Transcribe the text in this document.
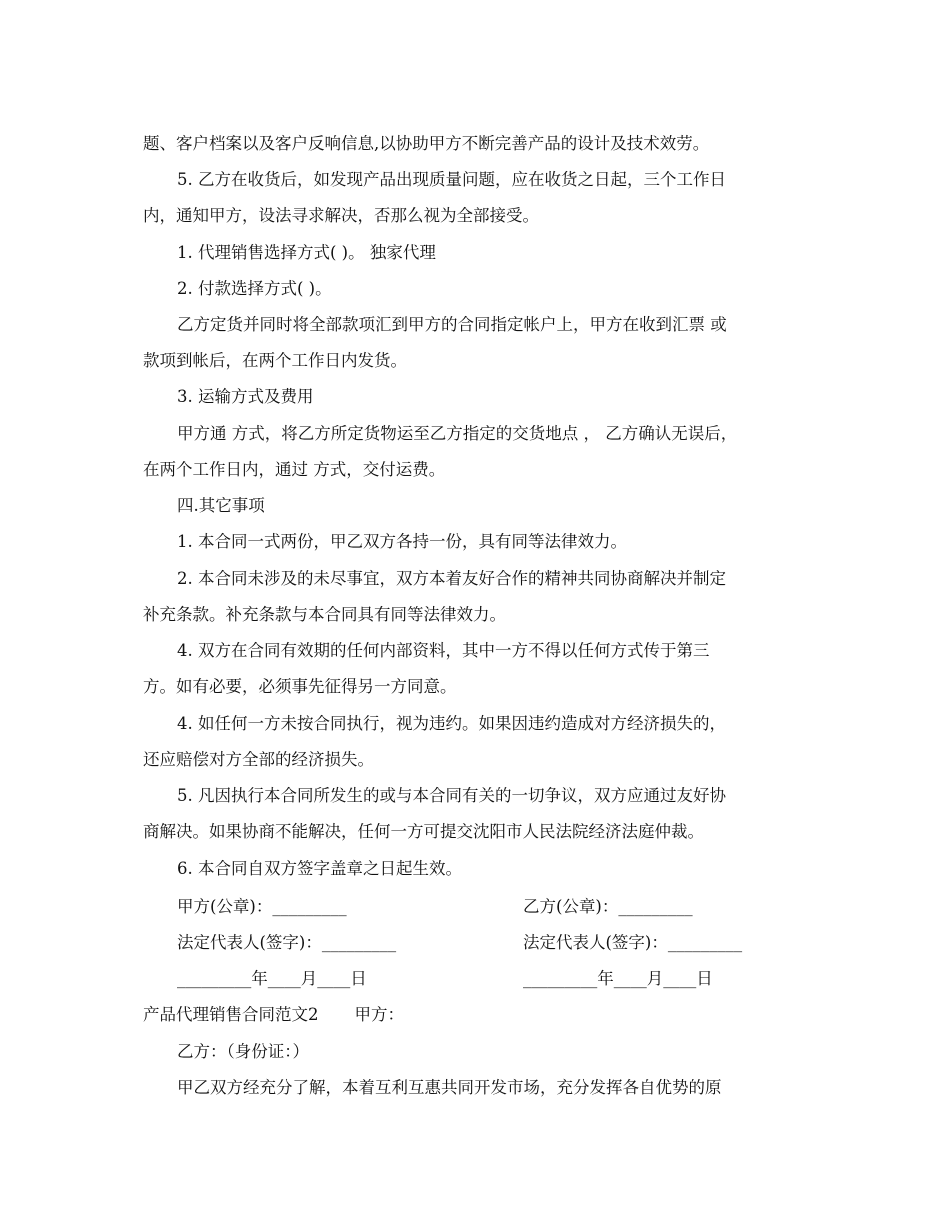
题、客户档案以及客户反响信息,以协助甲方不断完善产品的设计及技术效劳。
5. 乙方在收货后，如发现产品出现质量问题，应在收货之日起，三个工作日
内，通知甲方，设法寻求解决，否那么视为全部接受。
1. 代理销售选择方式( )。 独家代理
2. 付款选择方式( )。
乙方定货并同时将全部款项汇到甲方的合同指定帐户上，甲方在收到汇票 或
款项到帐后，在两个工作日内发货。
3. 运输方式及费用
甲方通 方式，将乙方所定货物运至乙方指定的交货地点 ， 乙方确认无误后，
在两个工作日内，通过 方式，交付运费。
四.其它事项
1. 本合同一式两份，甲乙双方各持一份，具有同等法律效力。
2. 本合同未涉及的未尽事宜，双方本着友好合作的精神共同协商解决并制定
补充条款。补充条款与本合同具有同等法律效力。
4. 双方在合同有效期的任何内部资料，其中一方不得以任何方式传于第三
方。如有必要，必须事先征得另一方同意。
4. 如任何一方未按合同执行，视为违约。如果因违约造成对方经济损失的，
还应赔偿对方全部的经济损失。
5. 凡因执行本合同所发生的或与本合同有关的一切争议，双方应通过友好协
商解决。如果协商不能解决，任何一方可提交沈阳市人民法院经济法庭仲裁。
6. 本合同自双方签字盖章之日起生效。
甲方(公章)：_________	乙方(公章)：_________
法定代表人(签字)：_________	法定代表人(签字)：_________
_________年____月____日	_________年____月____日
产品代理销售合同范文2 甲方：
乙方：（身份证：）
甲乙双方经充分了解，本着互利互惠共同开发市场，充分发挥各自优势的原
